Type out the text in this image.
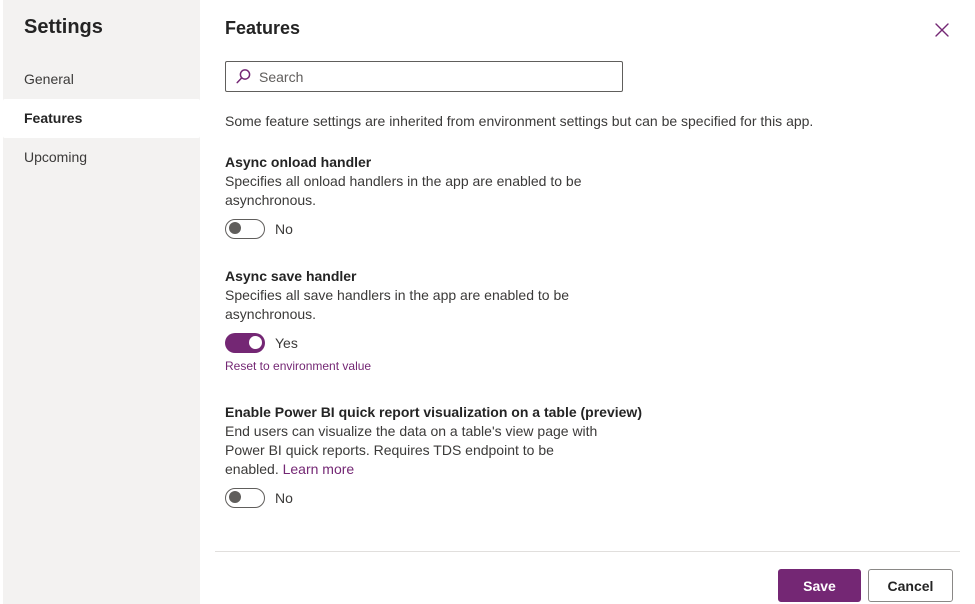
Settings
General
Features
Upcoming
Features
Search

Some feature settings are inherited from environment settings but can be specified for this app.

Async onload handler

Specifies all onload handlers in the app are enabled to be asynchronous.

No
Async save handler

Specifies all save handlers in the app are enabled to be asynchronous.

Yes
Reset to environment value
Enable Power BI quick report visualization on a table (preview)

End users can visualize the data on a table's view page with Power BI quick reports. Requires TDS endpoint to be enabled. Learn more

No
Save	Cancel
